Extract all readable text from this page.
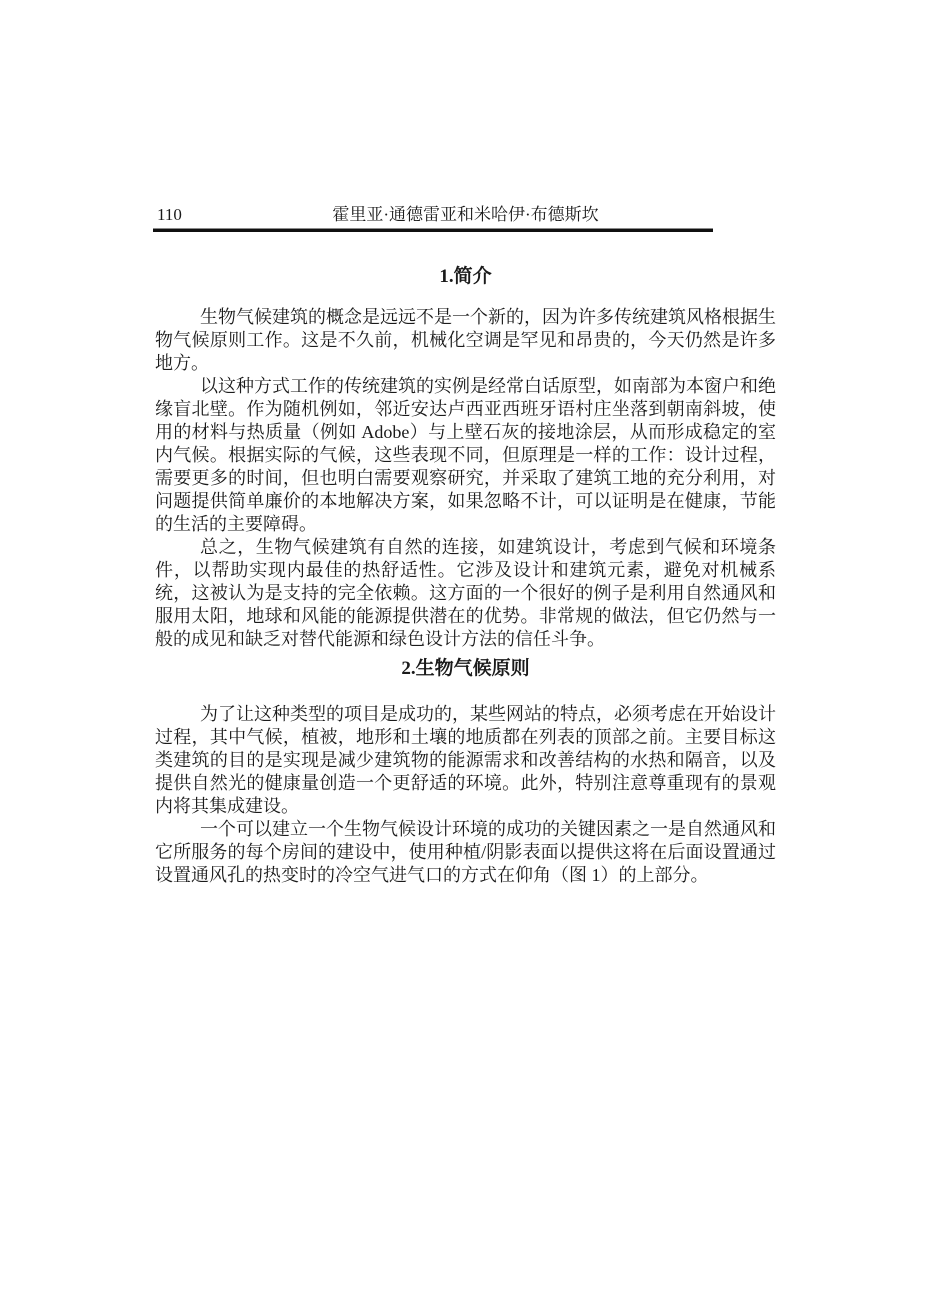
110	霍里亚·通德雷亚和米哈伊·布德斯坎
1.简介

生物气候建筑的概念是远远不是一个新的，因为许多传统建筑风格根据生物气候原则工作。这是不久前，机械化空调是罕见和昂贵的，今天仍然是许多地方。

以这种方式工作的传统建筑的实例是经常白话原型，如南部为本窗户和绝缘盲北壁。作为随机例如，邻近安达卢西亚西班牙语村庄坐落到朝南斜坡，使用的材料与热质量（例如 Adobe）与上壁石灰的接地涂层，从而形成稳定的室内气候。根据实际的气候，这些表现不同，但原理是一样的工作：设计过程，需要更多的时间，但也明白需要观察研究，并采取了建筑工地的充分利用，对问题提供简单廉价的本地解决方案，如果忽略不计，可以证明是在健康，节能的生活的主要障碍。

总之，生物气候建筑有自然的连接，如建筑设计，考虑到气候和环境条件，以帮助实现内最佳的热舒适性。它涉及设计和建筑元素，避免对机械系统，这被认为是支持的完全依赖。这方面的一个很好的例子是利用自然通风和服用太阳，地球和风能的能源提供潜在的优势。非常规的做法，但它仍然与一般的成见和缺乏对替代能源和绿色设计方法的信任斗争。

2.生物气候原则

为了让这种类型的项目是成功的，某些网站的特点，必须考虑在开始设计过程，其中气候，植被，地形和土壤的地质都在列表的顶部之前。主要目标这类建筑的目的是实现是减少建筑物的能源需求和改善结构的水热和隔音，以及提供自然光的健康量创造一个更舒适的环境。此外，特别注意尊重现有的景观内将其集成建设。

一个可以建立一个生物气候设计环境的成功的关键因素之一是自然通风和它所服务的每个房间的建设中，使用种植/阴影表面以提供这将在后面设置通过设置通风孔的热变时的冷空气进气口的方式在仰角（图 1）的上部分。
